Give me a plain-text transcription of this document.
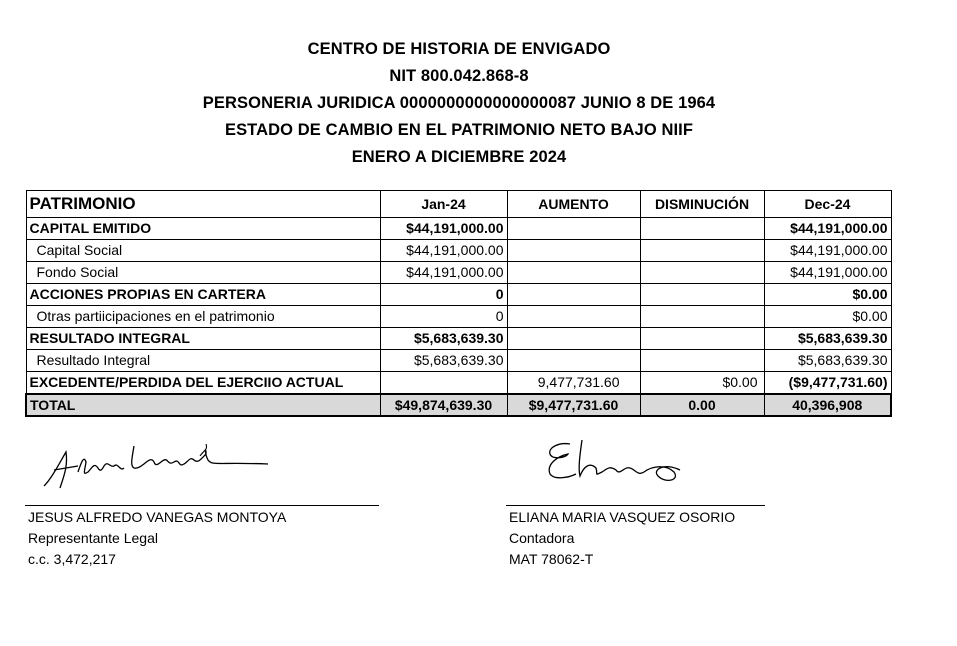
CENTRO DE HISTORIA DE ENVIGADO
NIT 800.042.868-8
PERSONERIA JURIDICA 0000000000000000087 JUNIO 8 DE 1964
ESTADO DE CAMBIO EN EL PATRIMONIO NETO BAJO NIIF
ENERO A DICIEMBRE 2024
PATRIMONIO	Jan-24	AUMENTO	DISMINUCIÓN	Dec-24
CAPITAL EMITIDO	$44,191,000.00			$44,191,000.00
Capital Social	$44,191,000.00			$44,191,000.00
Fondo Social	$44,191,000.00			$44,191,000.00
ACCIONES PROPIAS EN CARTERA	0			$0.00
Otras partiicipaciones en el patrimonio	0			$0.00
RESULTADO INTEGRAL	$5,683,639.30			$5,683,639.30
Resultado Integral	$5,683,639.30			$5,683,639.30
EXCEDENTE/PERDIDA DEL EJERCIIO ACTUAL		9,477,731.60	$0.00	($9,477,731.60)
TOTAL	$49,874,639.30	$9,477,731.60	0.00	40,396,908
JESUS ALFREDO VANEGAS MONTOYA
Representante Legal
c.c. 3,472,217
ELIANA MARIA VASQUEZ OSORIO
Contadora
MAT 78062-T
